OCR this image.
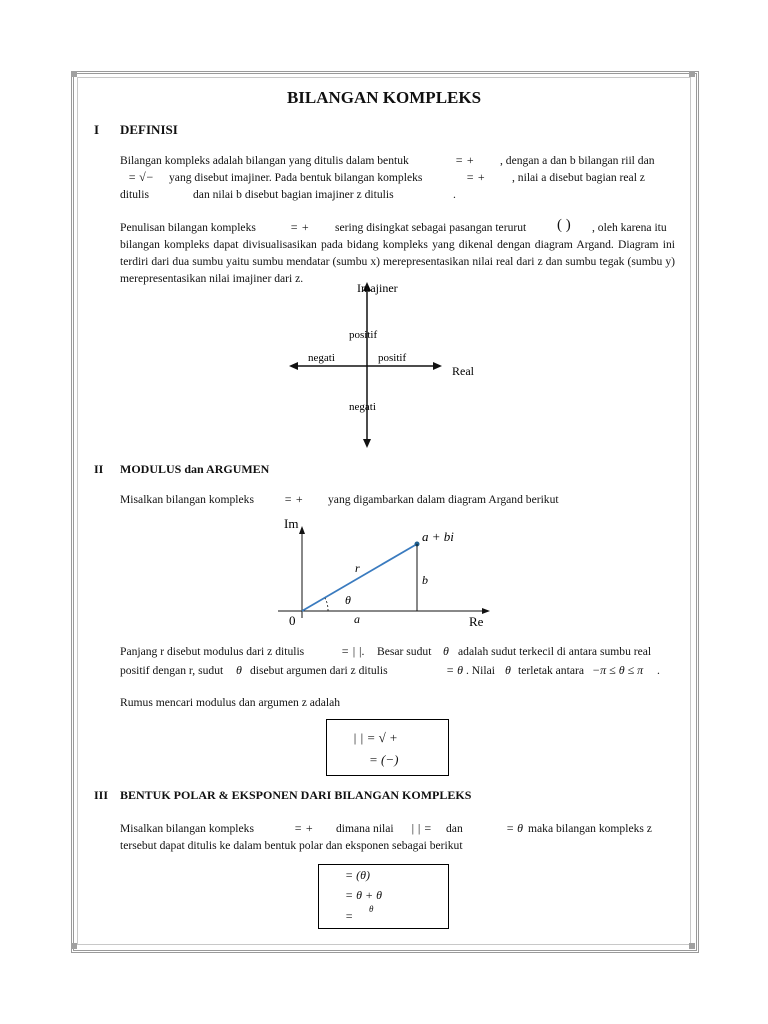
BILANGAN KOMPLEKS
I DEFINISI
Bilangan kompleks adalah bilangan yang ditulis dalam bentuk	= + , dengan a dan b bilangan riil dan
= √− yang disebut imajiner. Pada bentuk bilangan kompleks	= + , nilai a disebut bagian real z
ditulis	dan nilai b disebut bagian imajiner z ditulis	.
Penulisan bilangan kompleks	= + sering disingkat sebagai pasangan terurut ( ) , oleh karena itu
bilangan kompleks dapat divisualisasikan pada bidang kompleks yang dikenal dengan diagram Argand. Diagram ini terdiri dari dua sumbu yaitu sumbu mendatar (sumbu x) merepresentasikan nilai real dari z dan sumbu tegak (sumbu y) merepresentasikan nilai imajiner dari z.
Imajiner
Real
positif
positif
negati
negati
II MODULUS dan ARGUMEN
Misalkan bilangan kompleks	= + yang digambarkan dalam diagram Argand berikut
Im
Re
0
a + bi
r
b
a
θ
Panjang r disebut modulus dari z ditulis	= | |. Besar sudut θ adalah sudut terkecil di antara sumbu real
positif dengan r, sudut θ disebut argumen dari z ditulis	= θ . Nilai θ terletak antara −π ≤ θ ≤ π .
Rumus mencari modulus dan argumen z adalah
| | = √ +
= (−)
III BENTUK POLAR & EKSPONEN DARI BILANGAN KOMPLEKS
Misalkan bilangan kompleks	= + dimana nilai | | = dan	= θ maka bilangan kompleks z
tersebut dapat ditulis ke dalam bentuk polar dan eksponen sebagai berikut
= (θ)
= θ + θ
= θ
